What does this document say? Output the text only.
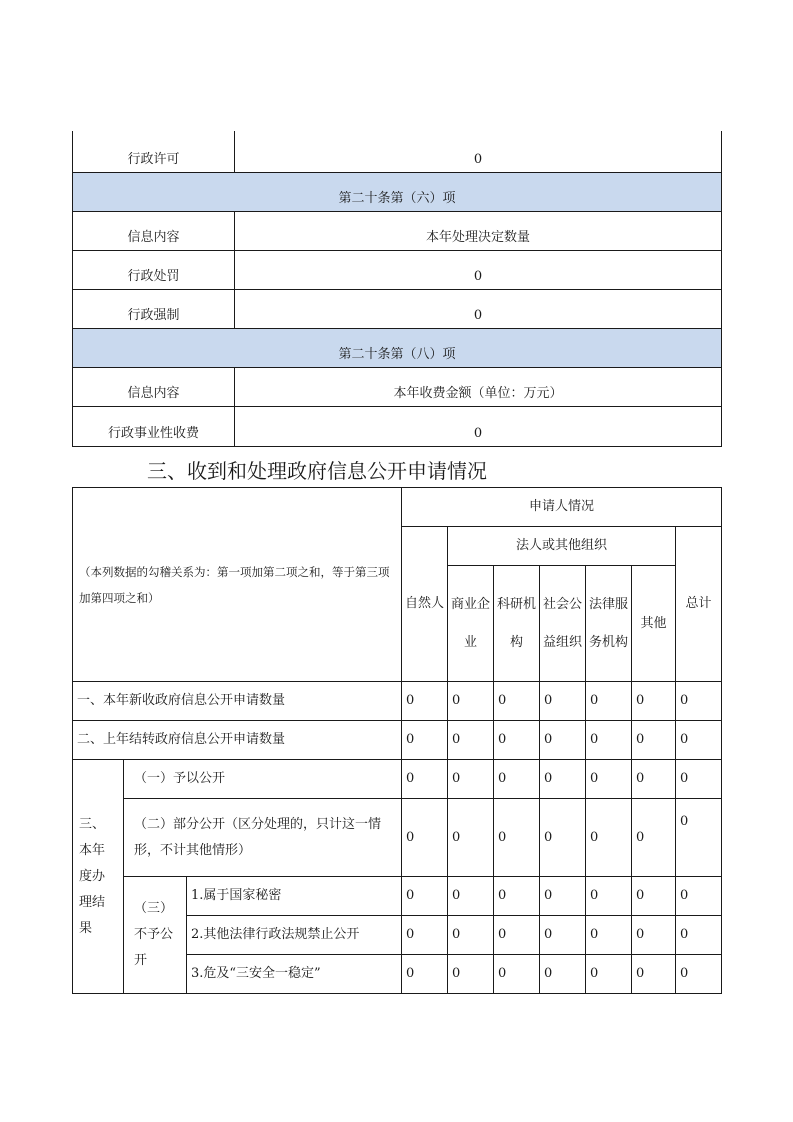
行政许可	0
第二十条第（六）项	
信息内容	本年处理决定数量
行政处罚	0
行政强制	0
第二十条第（八）项	
信息内容	本年收费金额（单位：万元）
行政事业性收费	0
三、收到和处理政府信息公开申请情况
（本列数据的勾稽关系为：第一项加第二项之和，等于第三项加第四项之和）			申请人情况						
			自然人	法人或其他组织					总计
				商业企业	科研机构	社会公益组织	法律服务机构	其他	

一、本年新收政府信息公开申请数量			0	0	0	0	0	0	0
二、上年结转政府信息公开申请数量			0	0	0	0	0	0	0
三、本年度办理结果	（一）予以公开		0	0	0	0	0	0	0
	（二）部分公开（区分处理的，只计这一情形，不计其他情形）		0	0	0	0	0	0	0
	（三）不予公开	1.属于国家秘密	0	0	0	0	0	0	0
		2.其他法律行政法规禁止公开	0	0	0	0	0	0	0
		3.危及“三安全一稳定”	0	0	0	0	0	0	0
